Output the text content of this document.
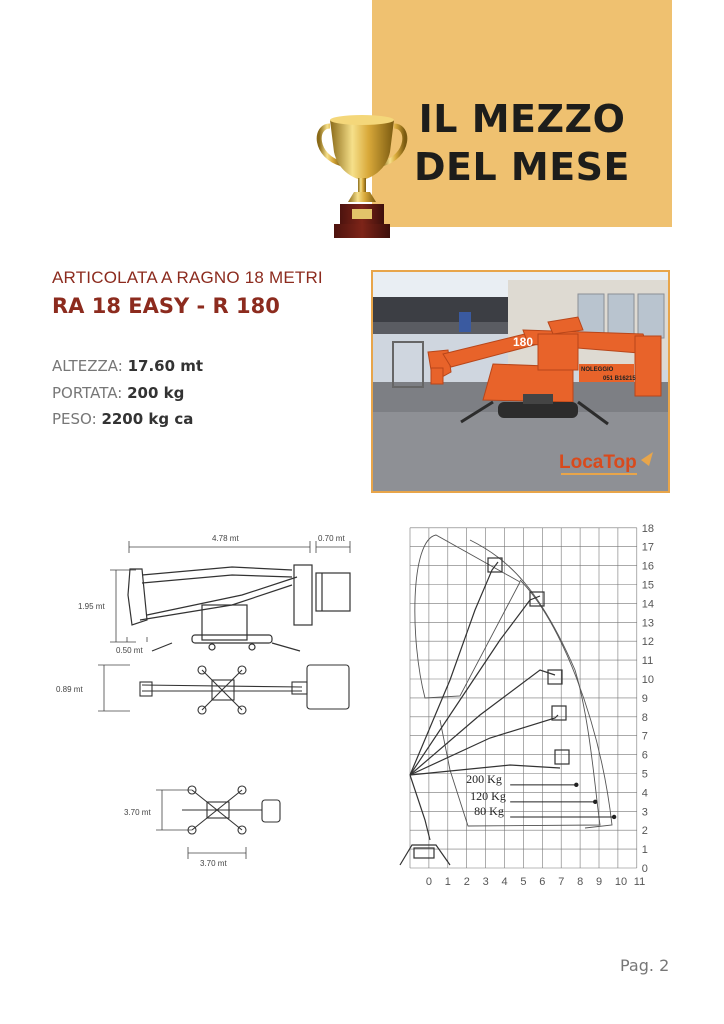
IL MEZZO
DEL MESE
ARTICOLATA A RAGNO 18 METRI
RA 18 EASY - R 180
ALTEZZA: 17.60 mt
PORTATA: 200 kg
PESO: 2200 kg ca
180
NOLEGGIO
051 B16215
LocaTop
4.78 mt	0.70 mt
1.95 mt
0.50 mt
0.89 mt
3.70 mt
3.70 mt	0
1
2
3
4
5
6
7
8
9
10
11
12
13
14
15
16
17
18
0 1 2 3 4 5 6 7 8 9 10 11
200 Kg
120 Kg
80 Kg
Pag. 2
